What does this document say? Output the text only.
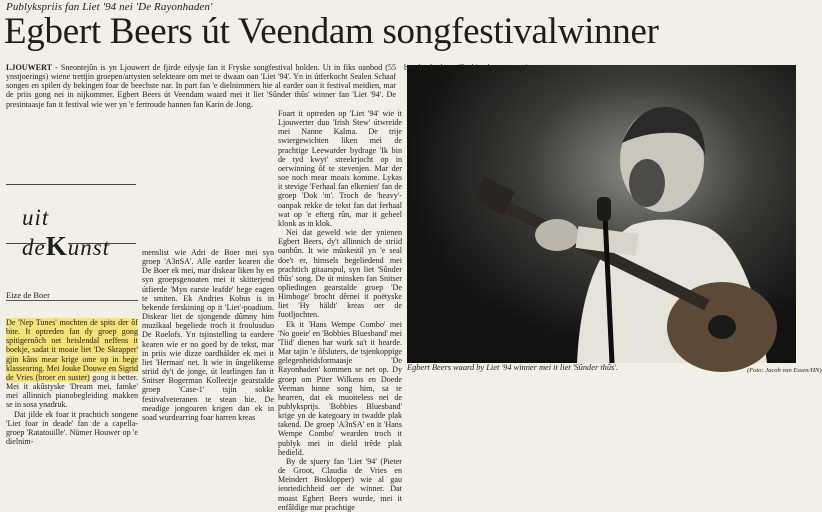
Publykspriis fan Liet '94 nei 'De Rayonhaden'
Egbert Beers út Veendam songfestivalwinner

LJOUWERT - Sneontejûn is yn Ljouwert de fjirde edysje fan it Fryske songfestival holden. Ut in fiks oanbod (55 ynstjoerings) wiene trettjin groepen/artysten selekteare om mei te dwaan oan 'Liet '94'. Yn in útferkocht Sealen Schaaf songen en spilen dy bekingen foar de beechste nar. In part fan 'e dielnimmers hie al earder oan it festival meidien, mar de priis gong nei in nijkommer. Egbert Beers út Veendam waard mei it liet 'Sûnder thûs' winner fan 'Liet '94'. De presintaasje fan it festival wie wer yn 'e fertroude hannen fan Karin de Jong.

Egbert Beers waard by Liet '94 winner mei it liet 'Sûnder thûs'.	(Foto: Jacob van Essen/HN)

brochte bydrage 'Do bist der net mear'.

Foart it optreden op 'Liet '94' wie it Ljouwerter duo 'Irish Stew' útwreide mei Nanne Kalma. De trije swiergewichten liken mei de prachtige Leewarder bydrage 'Ik bin de tyd kwyt' streekrjocht op in oerwinning ôf te stevenjen. Mar der soe noch mear moais komme. Lykas it stevige 'Ferhaal fan elkenien' fan de groep 'Dok 'm'. Troch de 'heavy'-oanpak rekke de tekst fan dat ferhaal wat op 'e efterg rûn, mar it geheel klonk as in klok.

Nei dat geweld wie der ynienen Egbert Beers, dy't allinnich de striid oanbûn. It wie mûskestil yn 'e seal doe't er, himsels begeliedend mei prachtich gitaarspul, syn liet 'Sûnder thûs' song. De út minsken fan Snitser opliedingen gearstalde groep 'De Himboge' brocht dêrnei it poëtyske liet 'Hy häldt' kreas oer de fuotljochten.

Ek it 'Hans Wempe Combo' mei 'No goeie' en 'Bobbies Bluesband' mei 'Tiid' dienen har wurk sa't it hearde. Mar tajin 'e ôfsluters, de tsjenkoppige gelegenheidsformaasje 'De Rayonhaden' kommen se net op. Dy groep om Piter Wilkens en Doede Veeman hinne song him, sa te hearren, dat ek muoiteless nei de publyksprijs. 'Bobbies Bluesband' krige yn de kategoary in twadde plak takend. De groep 'A3nSA' en it 'Hans Wempe Combo' wearden troch it publyk mei in dield trêde plak bedield.

By de sjuery fan 'Liet '94' (Pieter de Groot, Claudia de Vries en Meindert Bosklopper) wie al gau ienriedichheid oer de winner. Dat moast Egbert Beers wurde, mei it enfâldige mar prachtige

uit deKunst
Eize de Boer

De 'Nep Tunes' mochten de spits der ôf bite. It optreden fan dy groep gong spitigernôch net heislendal neffens it boekje, sadat it moaie liet 'De Skrapper' gjin kâns mear krige ome op in hege klassearing. Mei Jouke Douwe en Sigrid de Vries (broer en suster) gong it better. Mei it akûstyske 'Dream mei, famke' mei allinnich pianobegleiding makken se in sosa ynadruk.

Dat jilde ek foar it prachtich songene 'Liet foar in deade' fan de a capella-groep 'Ratatouille'. Nümer Houwer op 'e dielnim-

menslist wie Adri de Boer mei syn groep 'A3nSA'. Alle earder kearen die De Boer ek mei, mar diskear liken hy en syn groepsgenoaten mei it skitterjend útfierde 'Myn earste leafde' hege eagen te smiten. Ek Andries Kobus is in bekende ferskining op it 'Liet'-poadium. Diskear liet de sjongende dûmny him muzikaal begeliede troch it froulusduo De Roelofs. Yn tsjinstelling ta eardere kearen wie er no goed by de tekst, mar in priis wie dizze oardhálder ek mei it liet 'Herman' net. It wie in ûngelikense striid dy't de jonge, út learlingen fan it Snitser Bogerman Kolleezje gearstalde groep 'Case-1' tsjin sokke festivalveteranen te stean hie. De meadige jongoaren krigen dan ek in soad wurdearring foar harren kreas
